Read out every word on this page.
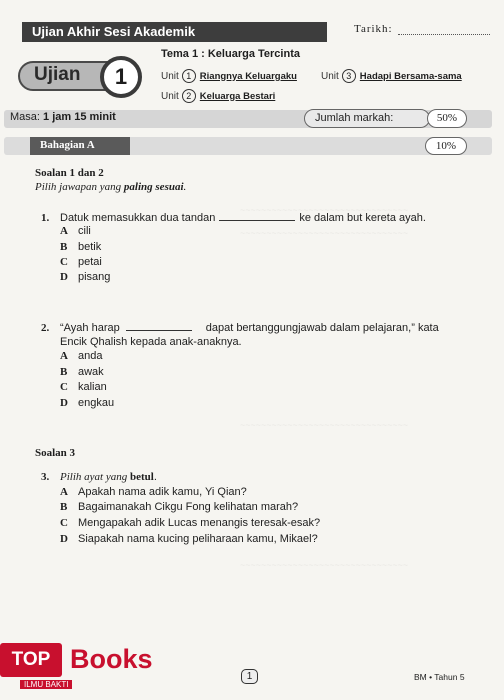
~~~~~~~~~~~~~~~~~~~~~~~~~~~~~~~~
~~~~~~~~~~~~~~~~~~~~~~~~~~~~~~~~
~~~~~~~~~~~~~~~~~~~~~~~~~~~~~~~~
~~~~~~~~~~~~~~~~~~~~~~~~~~~~~~~~
Ujian Akhir Sesi Akademik	Tarikh:
Ujian	1
Tema 1 : Keluarga Tercinta
Unit 1 Riangnya Keluargaku Unit 3 Hadapi Bersama-sama
Unit 2 Keluarga Bestari
Masa: 1 jam 15 minit	Jumlah markah:	50%
Bahagian A	10%
Soalan 1 dan 2
Pilih jawapan yang paling sesuai.
1. Datuk memasukkan dua tandan	ke dalam but kereta ayah.
A cili
B betik
C petai
D pisang
2. “Ayah harap	dapat bertanggungjawab dalam pelajaran,” kata
Encik Qhalish kepada anak-anaknya.
A anda
B awak
C kalian
D engkau
Soalan 3
3. Pilih ayat yang betul.
A Apakah nama adik kamu, Yi Qian?
B Bagaimanakah Cikgu Fong kelihatan marah?
C Mengapakah adik Lucas menangis teresak-esak?
D Siapakah nama kucing peliharaan kamu, Mikael?
TOP Books
ILMU BAKTI
1	BM • Tahun 5
